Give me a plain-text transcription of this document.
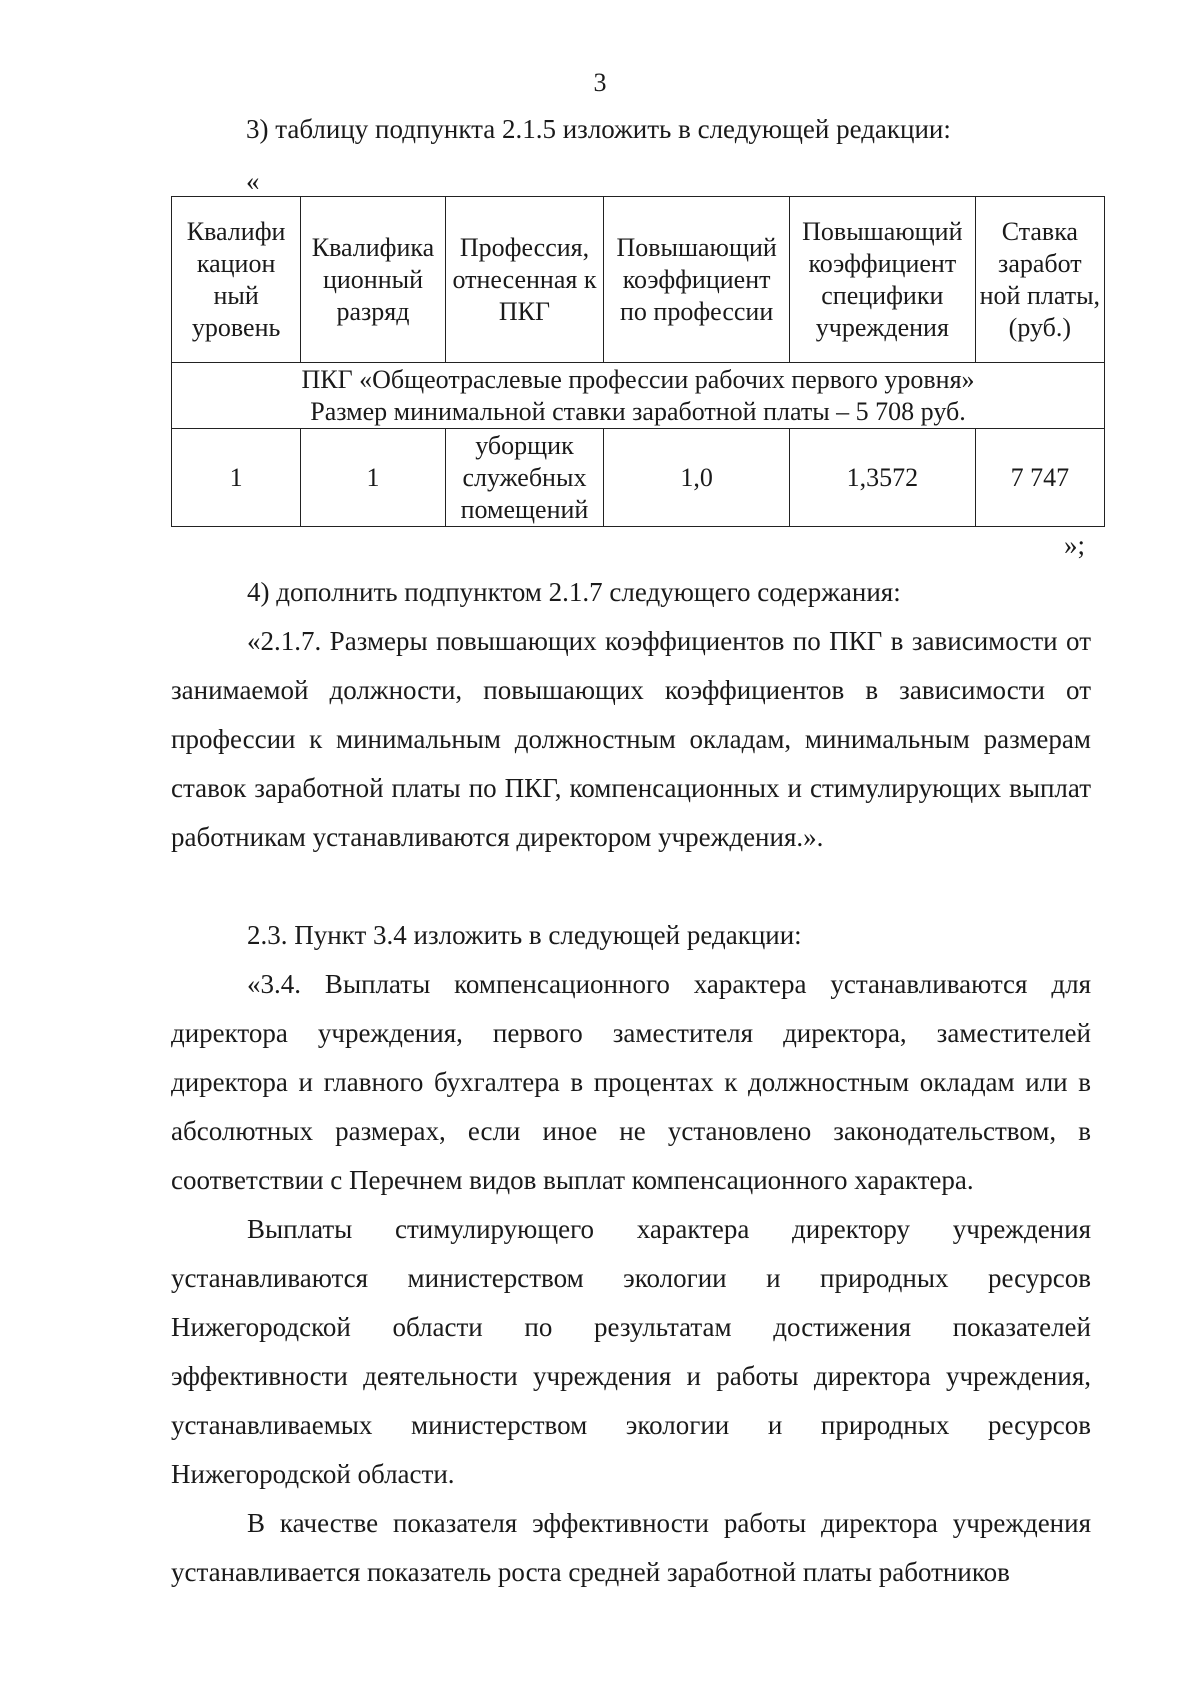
3
3) таблицу подпункта 2.1.5 изложить в следующей редакции:
«
Квалифи кацион ный уровень	Квалифика ционный разряд	Профессия, отнесенная к ПКГ	Повышающий коэффициент по профессии	Повышающий коэффициент специфики учреждения	Ставка заработ ной платы, (руб.)

ПКГ «Общеотраслевые профессии рабочих первого уровня»
Размер минимальной ставки заработной платы – 5 708 руб.					

1	1	уборщик служебных помещений	1,0	1,3572	7 747
»;
4) дополнить подпунктом 2.1.7 следующего содержания:
«2.1.7. Размеры повышающих коэффициентов по ПКГ в зависимости от занимаемой должности, повышающих коэффициентов в зависимости от профессии к минимальным должностным окладам, минимальным размерам ставок заработной платы по ПКГ, компенсационных и стимулирующих выплат работникам устанавливаются директором учреждения.».
2.3. Пункт 3.4 изложить в следующей редакции:
«3.4. Выплаты компенсационного характера устанавливаются для директора учреждения, первого заместителя директора, заместителей директора и главного бухгалтера в процентах к должностным окладам или в абсолютных размерах, если иное не установлено законодательством, в соответствии с Перечнем видов выплат компенсационного характера.
Выплаты стимулирующего характера директору учреждения устанавливаются министерством экологии и природных ресурсов Нижегородской области по результатам достижения показателей эффективности деятельности учреждения и работы директора учреждения, устанавливаемых министерством экологии и природных ресурсов Нижегородской области.
В качестве показателя эффективности работы директора учреждения устанавливается показатель роста средней заработной платы работников
